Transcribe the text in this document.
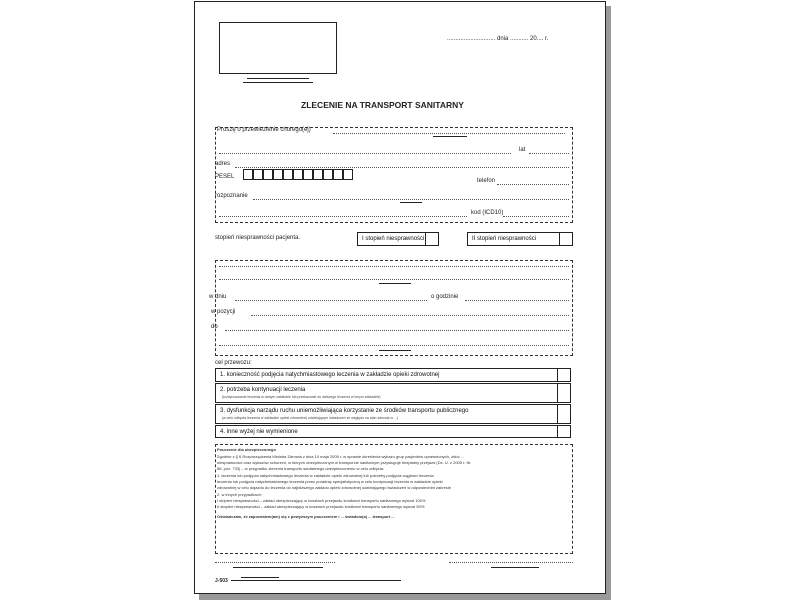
............................. dnia ........... 20.... r.
ZLECENIE NA TRANSPORT SANITARNY
Proszę o przewiezienie chorego(ej)
lat
adres
PESEL
telefon
rozpoznanie
kod (ICD10)
stopień niesprawności pacjenta.	I stopień niesprawności	II stopień niesprawności
w dniu	o godzinie
w pozycji
do
cel przewozu:
1. konieczność podjęcia natychmiastowego leczenia w zakładzie opieki zdrowotnej
2. potrzeba kontynuacji leczenia
(kontynuowanie leczenia w danym zakładzie lub przekazanie do dalszego leczenia w innym zakładzie)
3. dysfunkcja narządu ruchu uniemożliwiająca korzystanie ze środków transportu publicznego
(w celu odbycia leczenia w zakładzie opieki zdrowotnej udzielającym świadczeń ze względu na stan zdrowia w ...)
4. inne wyżej nie wymienione
Pouczenie dla ubezpieczonego
Zgodnie z § 6 Rozporządzenia Ministra Zdrowia z dnia 10 maja 2005 r. w sprawie określenia wykazu grup pacjentów uprawnionych, zbiór ...
niesprawności oraz wykazów schorzeń, w których ubezpieczonym w transporcie sanitarnym przysługuje bezpłatny przejazd (Dz. U. z 2005 r. Nr
86, poz. 733) – w przypadku zlecenia transportu sanitarnego ubezpieczonemu w celu odbycia:
1. leczenia lub podjęcia natychmiastowego leczenia w zakładzie opieki zdrowotnej lub potrzeby podjęcia ciągłości leczenia
leczenia lub podjęcia natychmiastowego leczenia przez poradnię specjalistyczną w celu kontynuacji leczenia w zakładzie opieki
zdrowotnej w celu dojazdu do leczenia do najbliższego zakładu opieki zdrowotnej udzielającego świadczeń w odpowiednim zakresie
2. w innych przypadkach:
I stopień niesprawności – zakład ubezpieczający w kosztach przejazdu środkami transportu sanitarnego wynosi 100%
II stopień niesprawności – zakład ubezpieczający w kosztach przejazdu środkami transportu sanitarnego wynosi 50%
Oświadczam, że zapoznałem(am) się z powyższym pouczeniem i ... świadom(a) ... transport ...
J-503
